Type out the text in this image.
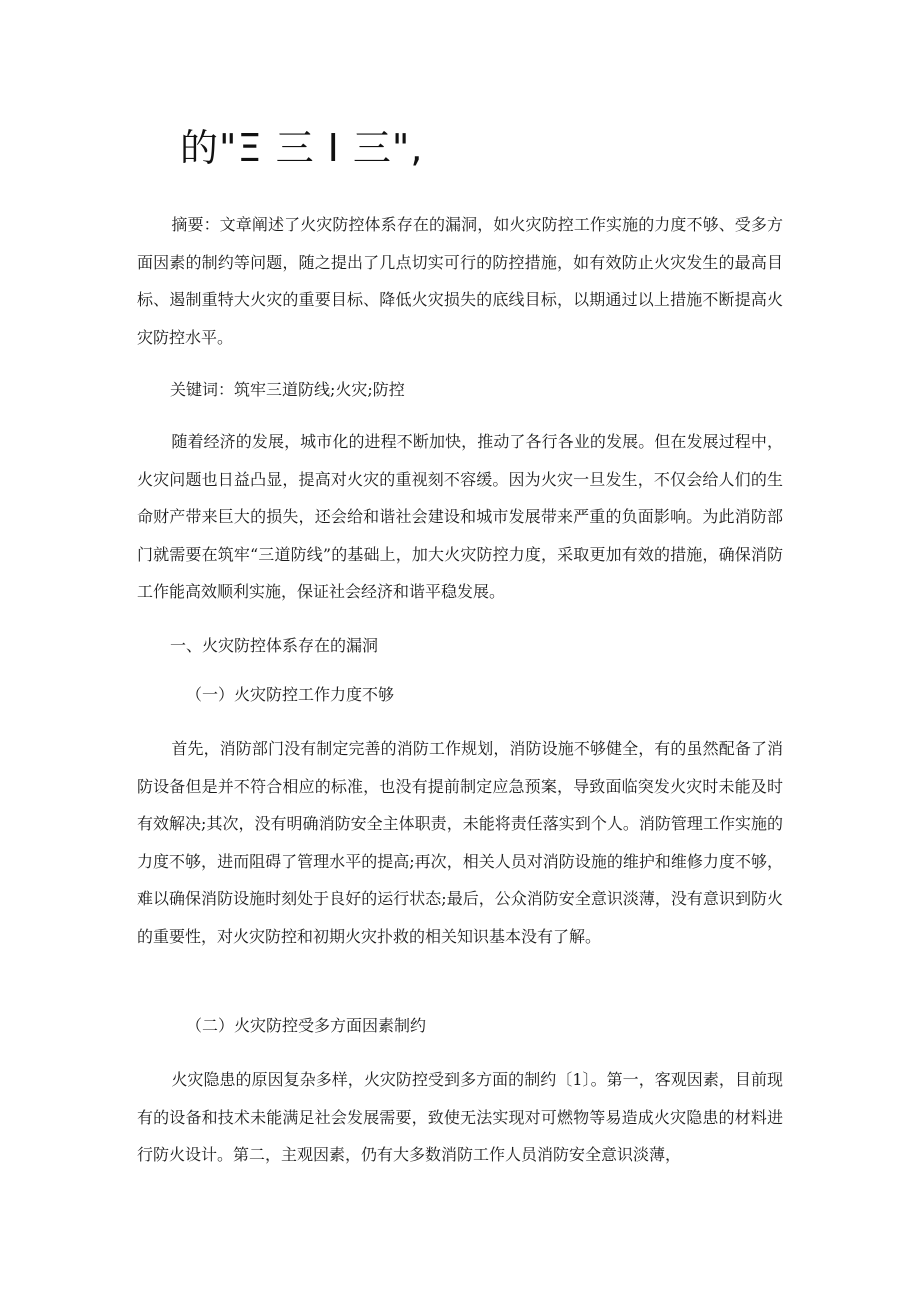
的"Ξ 三 I 三",

摘要：文章阐述了火灾防控体系存在的漏洞，如火灾防控工作实施的力度不够、受多方面因素的制约等问题，随之提出了几点切实可行的防控措施，如有效防止火灾发生的最高目标、遏制重特大火灾的重要目标、降低火灾损失的底线目标，以期通过以上措施不断提高火灾防控水平。

关键词：筑牢三道防线;火灾;防控

随着经济的发展，城市化的进程不断加快，推动了各行各业的发展。但在发展过程中，火灾问题也日益凸显，提高对火灾的重视刻不容缓。因为火灾一旦发生，不仅会给人们的生命财产带来巨大的损失，还会给和谐社会建设和城市发展带来严重的负面影响。为此消防部门就需要在筑牢“三道防线”的基础上，加大火灾防控力度，采取更加有效的措施，确保消防工作能高效顺利实施，保证社会经济和谐平稳发展。

一、火灾防控体系存在的漏洞

（一）火灾防控工作力度不够

首先，消防部门没有制定完善的消防工作规划，消防设施不够健全，有的虽然配备了消防设备但是并不符合相应的标准，也没有提前制定应急预案，导致面临突发火灾时未能及时有效解决;其次，没有明确消防安全主体职责，未能将责任落实到个人。消防管理工作实施的力度不够，进而阻碍了管理水平的提高;再次，相关人员对消防设施的维护和维修力度不够，难以确保消防设施时刻处于良好的运行状态;最后，公众消防安全意识淡薄，没有意识到防火的重要性，对火灾防控和初期火灾扑救的相关知识基本没有了解。

（二）火灾防控受多方面因素制约

火灾隐患的原因复杂多样，火灾防控受到多方面的制约〔1〕。第一，客观因素，目前现有的设备和技术未能满足社会发展需要，致使无法实现对可燃物等易造成火灾隐患的材料进行防火设计。第二，主观因素，仍有大多数消防工作人员消防安全意识淡薄，
